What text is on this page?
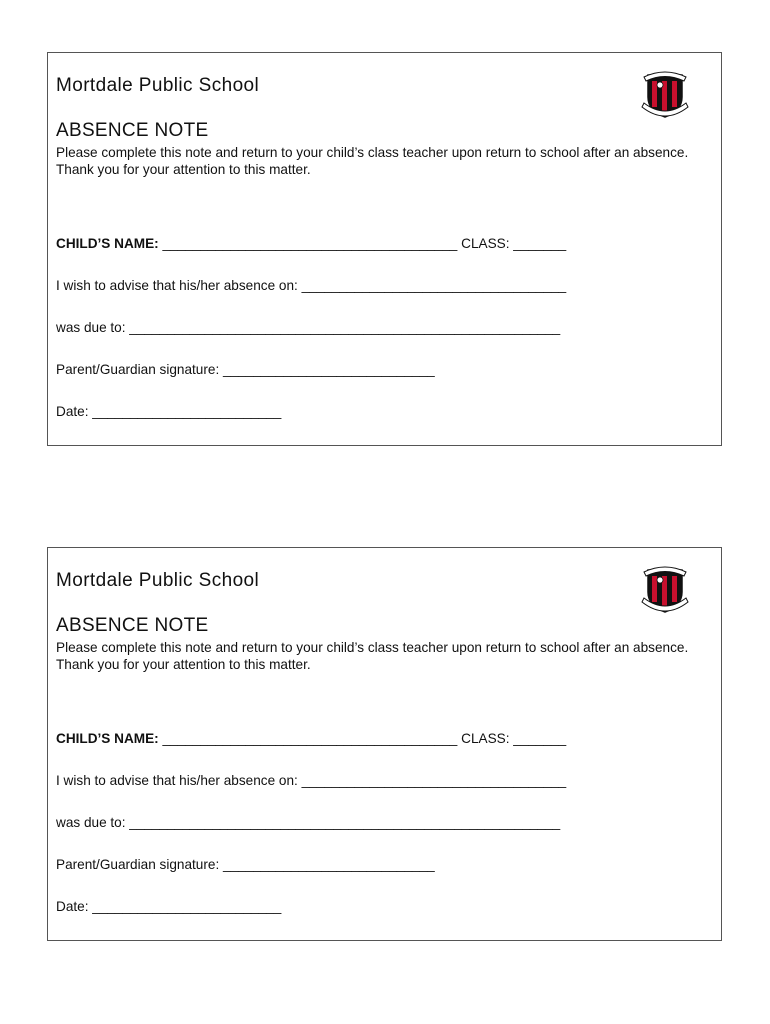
Mortdale Public School
ABSENCE NOTE

Please complete this note and return to your child’s class teacher upon return to school after an absence. Thank you for your attention to this matter.

CHILD’S NAME: _______________________________________ CLASS: _______

I wish to advise that his/her absence on: ___________________________________

was due to: _________________________________________________________

Parent/Guardian signature: ____________________________

Date: _________________________

Mortdale Public School
ABSENCE NOTE

Please complete this note and return to your child’s class teacher upon return to school after an absence. Thank you for your attention to this matter.

CHILD’S NAME: _______________________________________ CLASS: _______

I wish to advise that his/her absence on: ___________________________________

was due to: _________________________________________________________

Parent/Guardian signature: ____________________________

Date: _________________________
